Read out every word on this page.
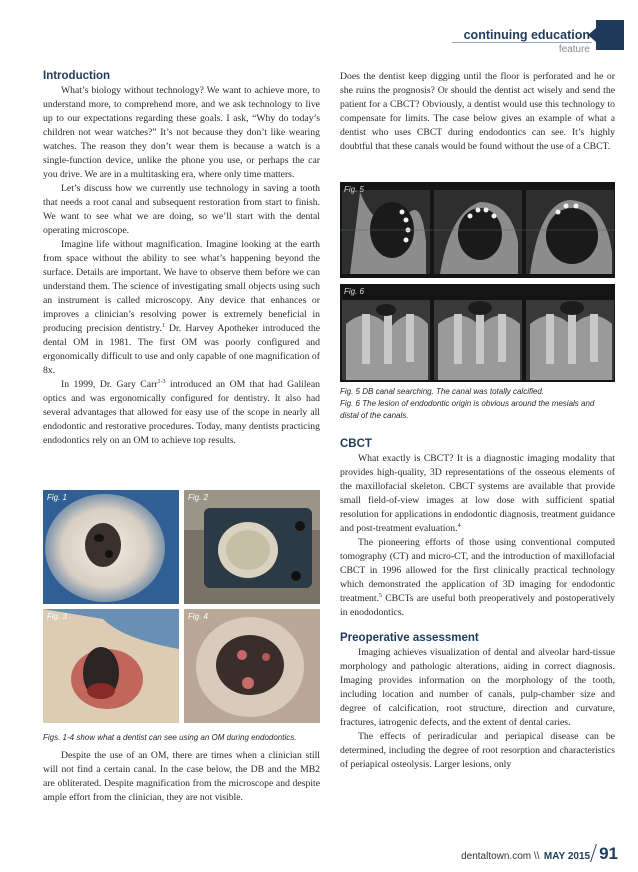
continuing education
feature
Introduction

What’s biology without technology? We want to achieve more, to understand more, to comprehend more, and we ask technology to live up to our expectations regarding these goals. I ask, “Why do today’s children not wear watches?” It’s not because they don’t like wearing watches. The reason they don’t wear them is because a watch is a single-function device, unlike the phone you use, or perhaps the car you drive. We are in a multitasking era, where only time matters.

Let’s discuss how we currently use technology in saving a tooth that needs a root canal and subsequent restoration from start to finish. We want to see what we are doing, so we’ll start with the dental operating microscope.

Imagine life without magnification. Imagine looking at the earth from space without the ability to see what’s happening beyond the surface. Details are important. We have to observe them before we can understand them. The science of investigating small objects using such an instrument is called microscopy. Any device that enhances or improves a clinician’s resolving power is extremely beneficial in producing precision dentistry.$^1$ Dr. Harvey Apotheker introduced the dental OM in 1981. The first OM was poorly configured and ergonomically difficult to use and only capable of one magnification of 8x.

In 1999, Dr. Gary Carr$^{1-3}$ introduced an OM that had Galilean optics and was ergonomically configured for dentistry. It also had several advantages that allowed for easy use of the scope in nearly all endodontic and restorative procedures. Today, many dentists practicing endodontics rely on an OM to achieve top results.

Fig. 1	Fig. 2
Fig. 3	Fig. 4
Figs. 1-4 show what a dentist can see using an OM during endodontics.

Despite the use of an OM, there are times when a clinician still will not find a certain canal. In the case below, the DB and the MB2 are obliterated. Despite magnification from the microscope and despite ample effort from the clinician, they are not visible.

Does the dentist keep digging until the floor is perforated and he or she ruins the prognosis? Or should the dentist act wisely and send the patient for a CBCT? Obviously, a dentist would use this technology to compensate for limits. The case below gives an example of what a dentist who uses CBCT during endodontics can see. It’s highly doubtful that these canals would be found without the use of a CBCT.

Fig. 5
Fig. 6
Fig. 5 DB canal searching. The canal was totally calcified.
Fig. 6 The lesion of endodontic origin is obvious around the mesials and distal of the canals.
CBCT

What exactly is CBCT? It is a diagnostic imaging modality that provides high-quality, 3D representations of the osseous elements of the maxillofacial skeleton. CBCT systems are available that provide small field-of-view images at low dose with sufficient spatial resolution for applications in endodontic diagnosis, treatment guidance and post-treatment evaluation.$^4$

The pioneering efforts of those using conventional computed tomography (CT) and micro-CT, and the introduction of maxillofacial CBCT in 1996 allowed for the first clinically practical technology which demonstrated the application of 3D imaging for endodontic treatment.$^5$ CBCTs are useful both preoperatively and postoperatively in enododontics.

Preoperative assessment

Imaging achieves visualization of dental and alveolar hard-tissue morphology and pathologic alterations, aiding in correct diagnosis. Imaging provides information on the morphology of the tooth, including location and number of canals, pulp-chamber size and degree of calcification, root structure, direction and curvature, fractures, iatrogenic defects, and the extent of dental caries.

The effects of periradicular and periapical disease can be determined, including the degree of root resorption and characteristics of periapical osteolysis. Larger lesions, only

dentaltown.com \\ MAY 2015 91
